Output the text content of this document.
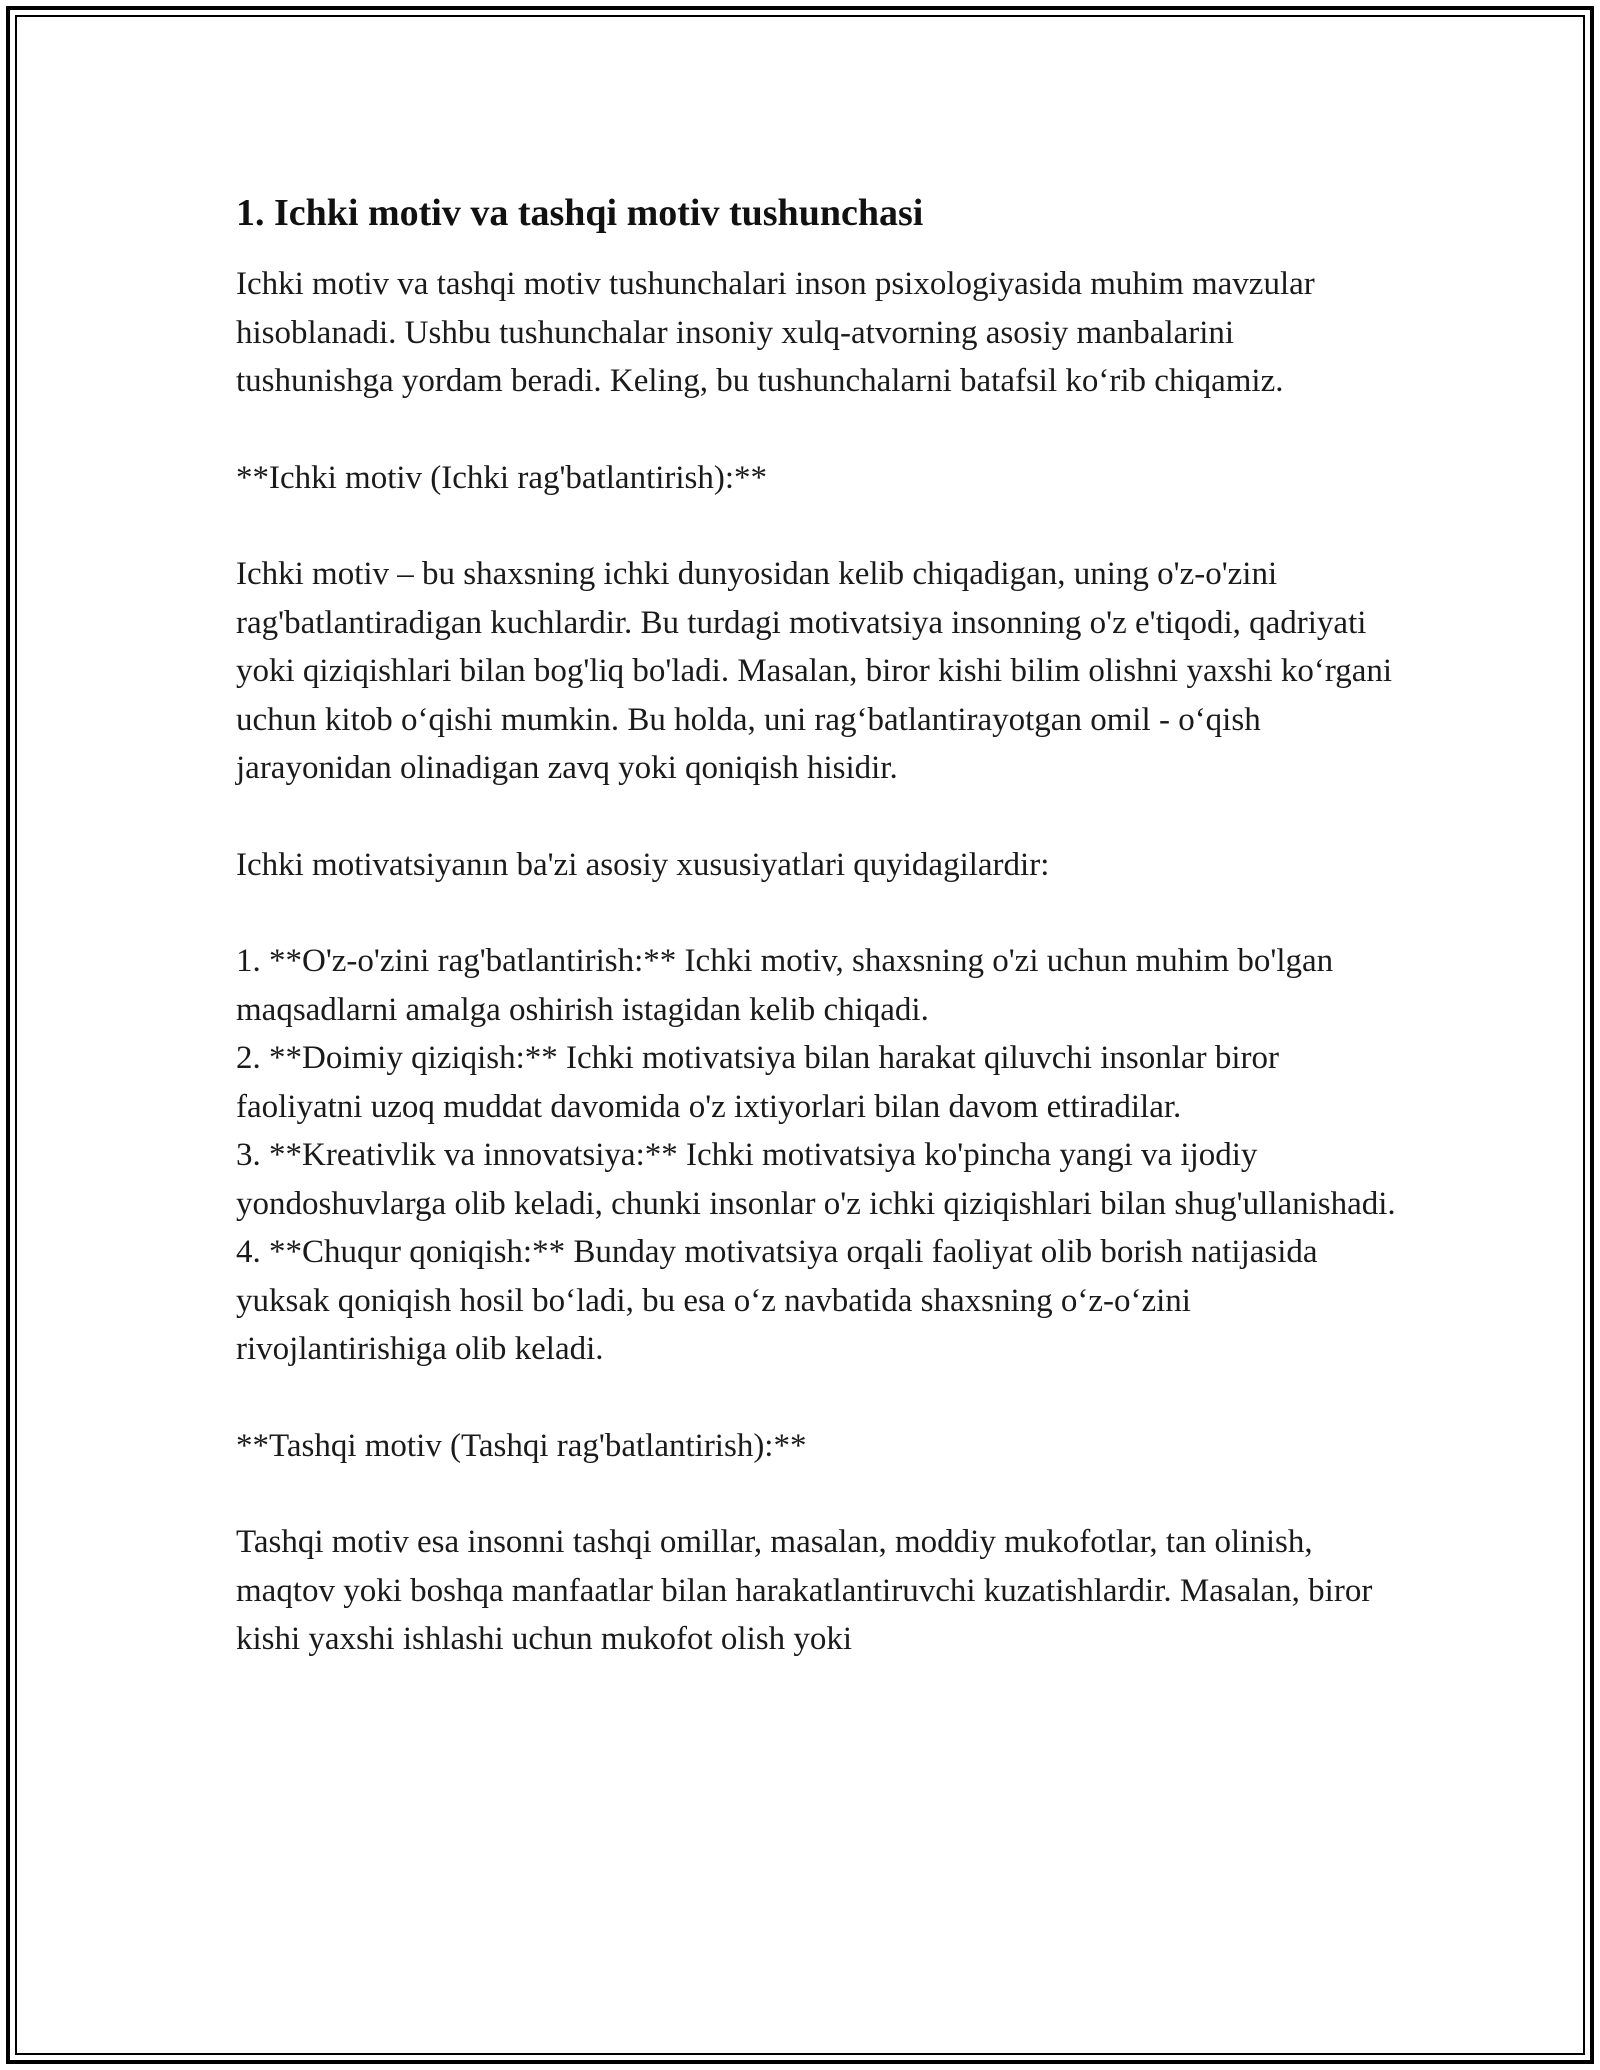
1. Ichki motiv va tashqi motiv tushunchasi

Ichki motiv va tashqi motiv tushunchalari inson psixologiyasida muhim mavzular hisoblanadi. Ushbu tushunchalar insoniy xulq-atvorning asosiy manbalarini tushunishga yordam beradi. Keling, bu tushunchalarni batafsil ko‘rib chiqamiz.

**Ichki motiv (Ichki rag'batlantirish):**

Ichki motiv – bu shaxsning ichki dunyosidan kelib chiqadigan, uning o'z-o'zini rag'batlantiradigan kuchlardir. Bu turdagi motivatsiya insonning o'z e'tiqodi, qadriyati yoki qiziqishlari bilan bog'liq bo'ladi. Masalan, biror kishi bilim olishni yaxshi ko‘rgani uchun kitob o‘qishi mumkin. Bu holda, uni rag‘batlantirayotgan omil - o‘qish jarayonidan olinadigan zavq yoki qoniqish hisidir.

Ichki motivatsiyanın ba'zi asosiy xususiyatlari quyidagilardir:

1. **O'z-o'zini rag'batlantirish:** Ichki motiv, shaxsning o'zi uchun muhim bo'lgan maqsadlarni amalga oshirish istagidan kelib chiqadi.
2. **Doimiy qiziqish:** Ichki motivatsiya bilan harakat qiluvchi insonlar biror faoliyatni uzoq muddat davomida o'z ixtiyorlari bilan davom ettiradilar.
3. **Kreativlik va innovatsiya:** Ichki motivatsiya ko'pincha yangi va ijodiy yondoshuvlarga olib keladi, chunki insonlar o'z ichki qiziqishlari bilan shug'ullanishadi.
4. **Chuqur qoniqish:** Bunday motivatsiya orqali faoliyat olib borish natijasida yuksak qoniqish hosil bo‘ladi, bu esa o‘z navbatida shaxsning o‘z-o‘zini rivojlantirishiga olib keladi.

**Tashqi motiv (Tashqi rag'batlantirish):**

Tashqi motiv esa insonni tashqi omillar, masalan, moddiy mukofotlar, tan olinish, maqtov yoki boshqa manfaatlar bilan harakatlantiruvchi kuzatishlardir. Masalan, biror kishi yaxshi ishlashi uchun mukofot olish yoki
